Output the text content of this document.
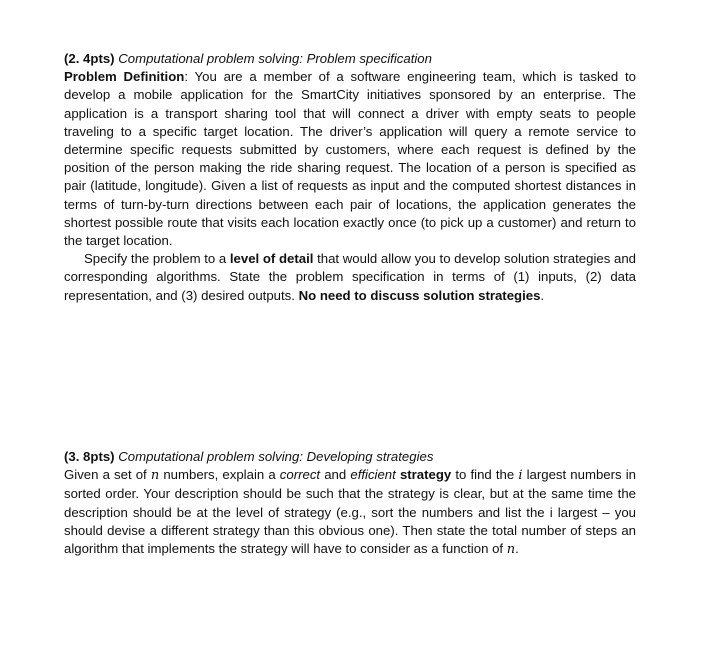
(2. 4pts) Computational problem solving: Problem specification

Problem Definition: You are a member of a software engineering team, which is tasked to develop a mobile application for the SmartCity initiatives sponsored by an enterprise. The application is a transport sharing tool that will connect a driver with empty seats to people traveling to a specific target location. The driver’s application will query a remote service to determine specific requests submitted by customers, where each request is defined by the position of the person making the ride sharing request. The location of a person is specified as pair (latitude, longitude). Given a list of requests as input and the computed shortest distances in terms of turn-by-turn directions between each pair of locations, the application generates the shortest possible route that visits each location exactly once (to pick up a customer) and return to the target location.

Specify the problem to a level of detail that would allow you to develop solution strategies and corresponding algorithms. State the problem specification in terms of (1) inputs, (2) data representation, and (3) desired outputs. No need to discuss solution strategies.

(3. 8pts) Computational problem solving: Developing strategies

Given a set of n numbers, explain a correct and efficient strategy to find the i largest numbers in sorted order. Your description should be such that the strategy is clear, but at the same time the description should be at the level of strategy (e.g., sort the numbers and list the i largest – you should devise a different strategy than this obvious one). Then state the total number of steps an algorithm that implements the strategy will have to consider as a function of n.
